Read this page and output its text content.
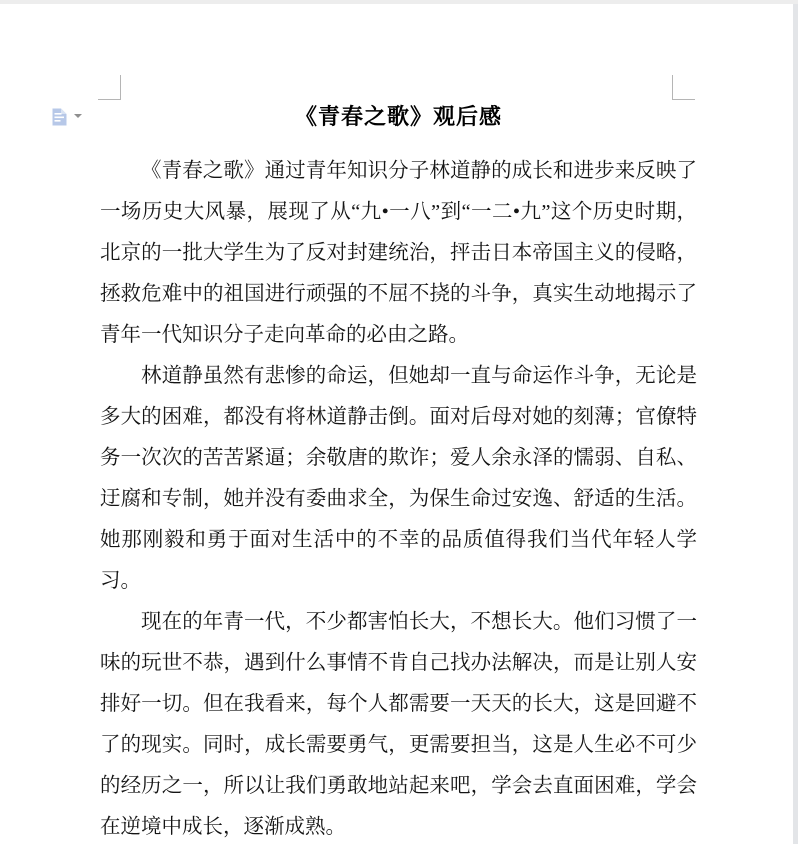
《青春之歌》观后感

《青春之歌》通过青年知识分子林道静的成长和进步来反映了一场历史大风暴，展现了从“九•一八”到“一二•九”这个历史时期，北京的一批大学生为了反对封建统治，抨击日本帝国主义的侵略，拯救危难中的祖国进行顽强的不屈不挠的斗争，真实生动地揭示了青年一代知识分子走向革命的必由之路。

林道静虽然有悲惨的命运，但她却一直与命运作斗争，无论是多大的困难，都没有将林道静击倒。面对后母对她的刻薄；官僚特务一次次的苦苦紧逼；余敬唐的欺诈；爱人余永泽的懦弱、自私、迂腐和专制，她并没有委曲求全，为保生命过安逸、舒适的生活。她那刚毅和勇于面对生活中的不幸的品质值得我们当代年轻人学习。

现在的年青一代，不少都害怕长大，不想长大。他们习惯了一味的玩世不恭，遇到什么事情不肯自己找办法解决，而是让别人安排好一切。但在我看来，每个人都需要一天天的长大，这是回避不了的现实。同时，成长需要勇气，更需要担当，这是人生必不可少的经历之一，所以让我们勇敢地站起来吧，学会去直面困难，学会在逆境中成长，逐渐成熟。
